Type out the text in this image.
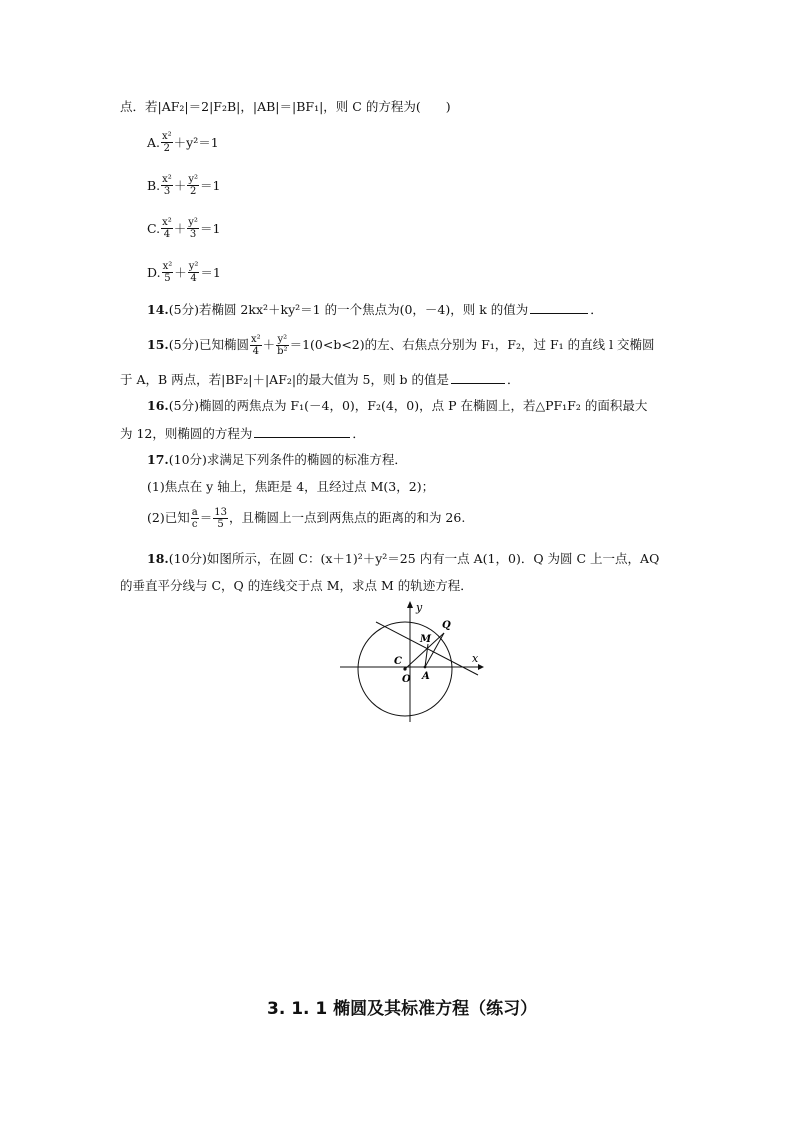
点．若|AF₂|＝2|F₂B|，|AB|＝|BF₁|，则 C 的方程为(　　)
A. $\frac{\text{x²}}{2} +y^2=1$
B. $\frac{\text{x²}}{3} + \frac{\text{y²}}{2} =1$
C. $\frac{\text{x²}}{4} + \frac{\text{y²}}{3} =1$
D. $\frac{\text{x²}}{5} + \frac{\text{y²}}{4} =1$
14.(5分)若椭圆 2kx²＋ky²＝1 的一个焦点为(0，－4)，则 k 的值为	．
15. (5分)已知椭圆 $\frac{\text{x²}}{4} + \frac{\text{y²}}{\text{b²}} =1(0<b<2)$的左、右焦点分别为 F₁，F₂，过 F₁ 的直线 l 交椭圆
于 A，B 两点，若|BF₂|＋|AF₂|的最大值为 5，则 b 的值是	．
16.(5分)椭圆的两焦点为 F₁(－4，0)，F₂(4，0)，点 P 在椭圆上，若△PF₁F₂ 的面积最大
为 12，则椭圆的方程为	．
17.(10分)求满足下列条件的椭圆的标准方程．
(1)焦点在 y 轴上，焦距是 4，且经过点 M(3，2)；
(2)已知 $\frac{a}{c} = \frac{13}{5}$ ，且椭圆上一点到两焦点的距离的和为 26.
18.(10分)如图所示，在圆 C：(x＋1)²＋y²＝25 内有一点 A(1，0)．Q 为圆 C 上一点，AQ
的垂直平分线与 C，Q 的连线交于点 M，求点 M 的轨迹方程．
y
x
Q
M
C
O A
3. 1. 1 椭圆及其标准方程（练习）
